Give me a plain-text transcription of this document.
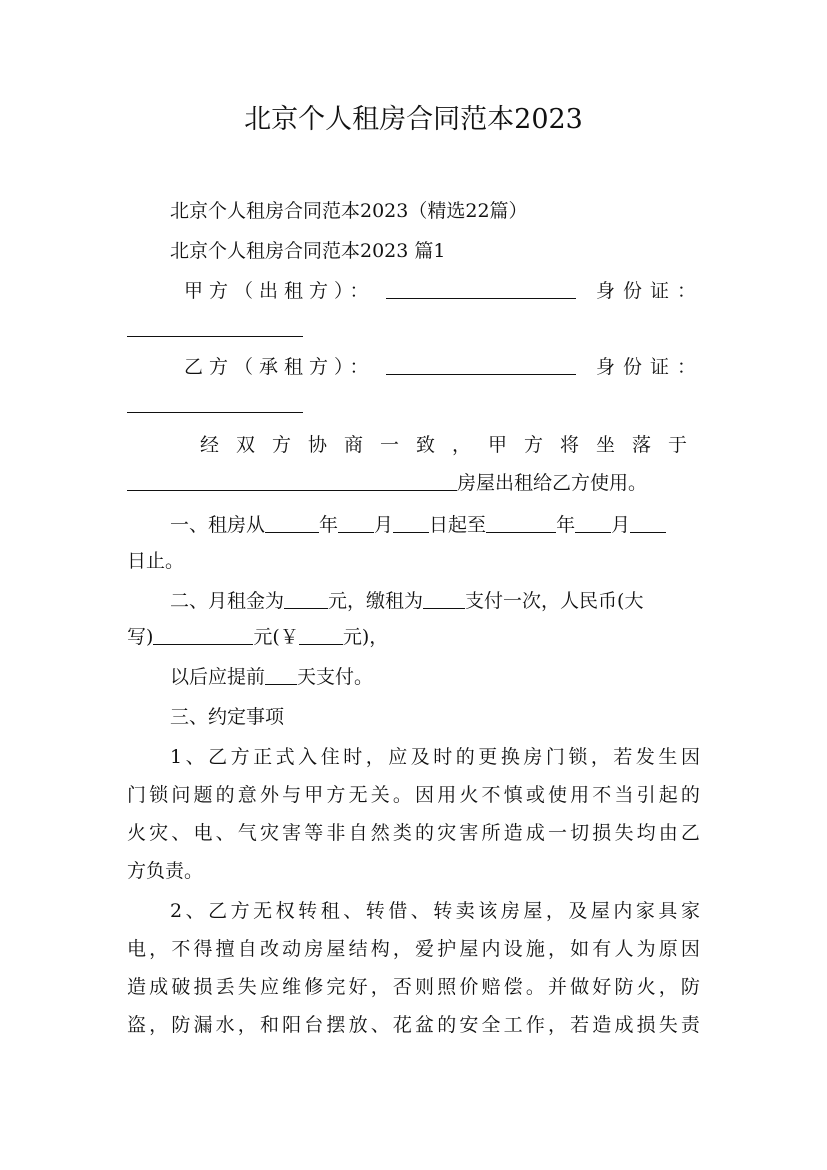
北京个人租房合同范本2023
北京个人租房合同范本2023（精选22篇）
北京个人租房合同范本2023 篇1
甲方（出租方）：	身份证：
乙方（承租方）：	身份证：
经双方协商一致，甲方将坐落于
房屋出租给乙方使用。
一、租房从	年 月 日起至	年 月
日止。
二、月租金为 元，缴租为 支付一次，人民币(大
写)	元(￥ 元)，
以后应提前 天支付。
三、约定事项
1 、 乙 方 正 式 入 住 时 ， 应 及 时 的 更 换 房 门 锁 ， 若 发 生 因
门 锁 问 题 的 意 外 与 甲 方 无 关 。 因 用 火 不 慎 或 使 用 不 当 引 起 的
火 灾 、 电 、 气 灾 害 等 非 自 然 类 的 灾 害 所 造 成 一 切 损 失 均 由 乙
方负责。
2 、 乙 方 无 权 转 租 、 转 借 、 转 卖 该 房 屋 ， 及 屋 内 家 具 家
电 ， 不 得 擅 自 改 动 房 屋 结 构 ， 爱 护 屋 内 设 施 ， 如 有 人 为 原 因
造 成 破 损 丢 失 应 维 修 完 好 ， 否 则 照 价 赔 偿 。 并 做 好 防 火 ， 防
盗 ， 防 漏 水 ， 和 阳 台 摆 放 、 花 盆 的 安 全 工 作 ， 若 造 成 损 失 责
